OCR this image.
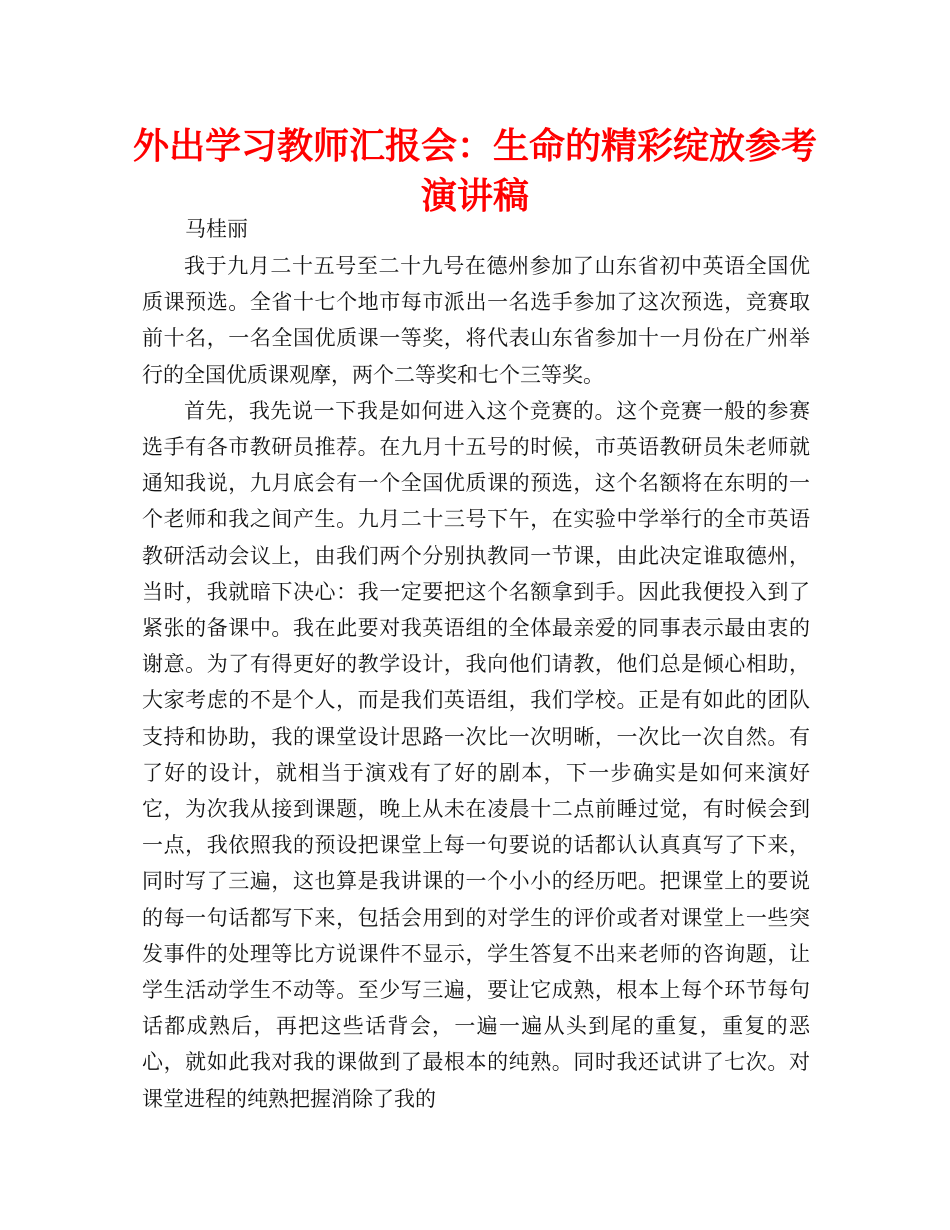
外出学习教师汇报会：生命的精彩绽放参考演讲稿

马桂丽

我于九月二十五号至二十九号在德州参加了山东省初中英语全国优质课预选。全省十七个地市每市派出一名选手参加了这次预选，竞赛取前十名，一名全国优质课一等奖，将代表山东省参加十一月份在广州举行的全国优质课观摩，两个二等奖和七个三等奖。

首先，我先说一下我是如何进入这个竞赛的。这个竞赛一般的参赛选手有各市教研员推荐。在九月十五号的时候，市英语教研员朱老师就通知我说，九月底会有一个全国优质课的预选，这个名额将在东明的一个老师和我之间产生。九月二十三号下午，在实验中学举行的全市英语教研活动会议上，由我们两个分别执教同一节课，由此决定谁取德州，当时，我就暗下决心：我一定要把这个名额拿到手。因此我便投入到了紧张的备课中。我在此要对我英语组的全体最亲爱的同事表示最由衷的谢意。为了有得更好的教学设计，我向他们请教，他们总是倾心相助，大家考虑的不是个人，而是我们英语组，我们学校。正是有如此的团队支持和协助，我的课堂设计思路一次比一次明晰，一次比一次自然。有了好的设计，就相当于演戏有了好的剧本，下一步确实是如何来演好它，为次我从接到课题，晚上从未在凌晨十二点前睡过觉，有时候会到一点，我依照我的预设把课堂上每一句要说的话都认认真真写了下来，同时写了三遍，这也算是我讲课的一个小小的经历吧。把课堂上的要说的每一句话都写下来，包括会用到的对学生的评价或者对课堂上一些突发事件的处理等比方说课件不显示，学生答复不出来老师的咨询题，让学生活动学生不动等。至少写三遍，要让它成熟，根本上每个环节每句话都成熟后，再把这些话背会，一遍一遍从头到尾的重复，重复的恶心，就如此我对我的课做到了最根本的纯熟。同时我还试讲了七次。对课堂进程的纯熟把握消除了我的
